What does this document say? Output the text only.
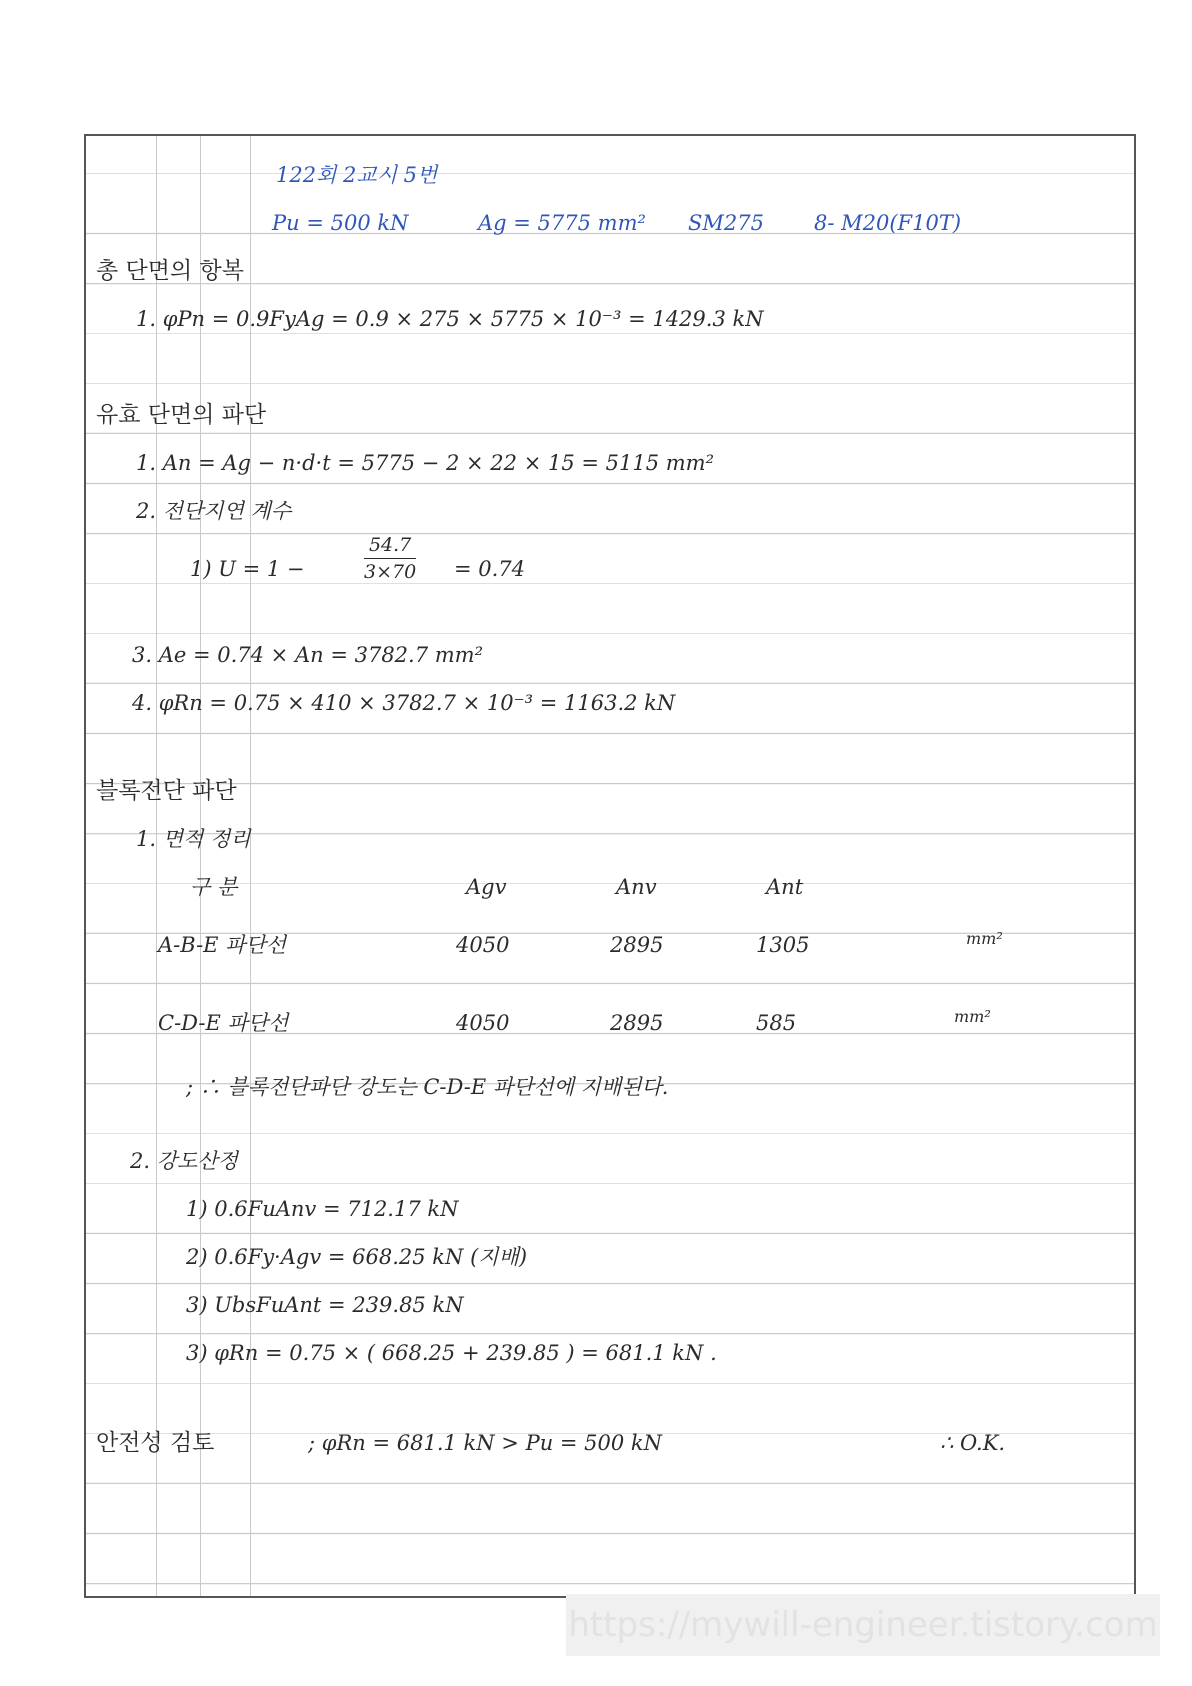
122회 2교시 5번
Pu = 500 kN	Ag = 5775 mm² SM275 8- M20(F10T)
총 단면의 항복
1. φPn = 0.9FyAg = 0.9 × 275 × 5775 × 10⁻³ = 1429.3 kN
유효 단면의 파단
1. An = Ag − n·d·t = 5775 − 2 × 22 × 15 = 5115 mm²
2. 전단지연 계수
1) U = 1 −	$\frac{54.7}{3\times 70} = 0.74$
3. Ae = 0.74 × An = 3782.7 mm²
4. φRn = 0.75 × 410 × 3782.7 × 10⁻³ = 1163.2 kN
블록전단 파단
1. 면적 정리
구 분	Agv	Anv	Ant
A-B-E 파단선	4050	2895	1305	mm²
C-D-E 파단선	4050	2895	585	mm²
; ∴ 블록전단파단 강도는 C-D-E 파단선에 지배된다.
2. 강도산정
1) 0.6FuAnv = 712.17 kN
2) 0.6Fy·Agv = 668.25 kN (지배)
3) UbsFuAnt = 239.85 kN
3) φRn = 0.75 × ( 668.25 + 239.85 ) = 681.1 kN .
안전성 검토	; φRn = 681.1 kN > Pu = 500 kN	∴ O.K.
https://mywill-engineer.tistory.com
